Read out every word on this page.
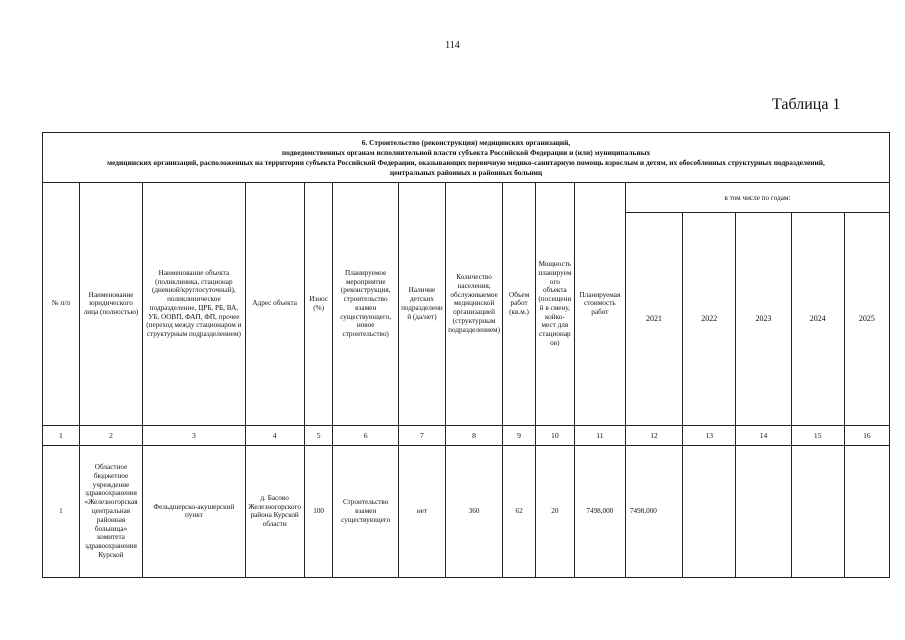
114
Таблица 1
6. Строительство (реконструкция) медицинских организаций,
подведомственных органам исполнительной власти субъекта Российской Федерации и (или) муниципальных
медицинских организаций, расположенных на территории субъекта Российской Федерации, оказывающих первичную медико-санитарную помощь взрослым и детям, их обособленных структурных подразделений,
центральных районных и районных больниц															

№ п/п	Наименование юридического лица (полностью)	Наименование объекта (поликлиника, стационар (дневной/круглосуточный), поликлиническое подразделение, ЦРБ, РБ, ВА, УБ, ООВП, ФАП, ФП, прочее (переход между стационаром и структурным подразделением)	Адрес объекта	Износ (%)	Планируемое мероприятие (реконструкция, строительство взамен существующего, новое строительство)	Наличие детских подразделений (да/нет)	Количество населения, обслуживаемое медицинской организацией (структурным подразделением)	Объем работ (кв.м.)	Мощность планируемого объекта (посещений в смену, койко-мест для стационаров)	Планируемая стоимость работ	в том числе по годам:				
											2021	2022	2023	2024	2025
1	2	3	4	5	6	7	8	9	10	11	12	13	14	15	16
1	Областное бюджетное учреждение здравоохранения «Железногорская центральная районная больница» комитета здравоохранения Курской	Фельдшерско-акушерский пункт	д. Басово Железногорского района Курской области	100	Строительство взамен существующего	нет	360	62	20	7498,000	7498,000				
